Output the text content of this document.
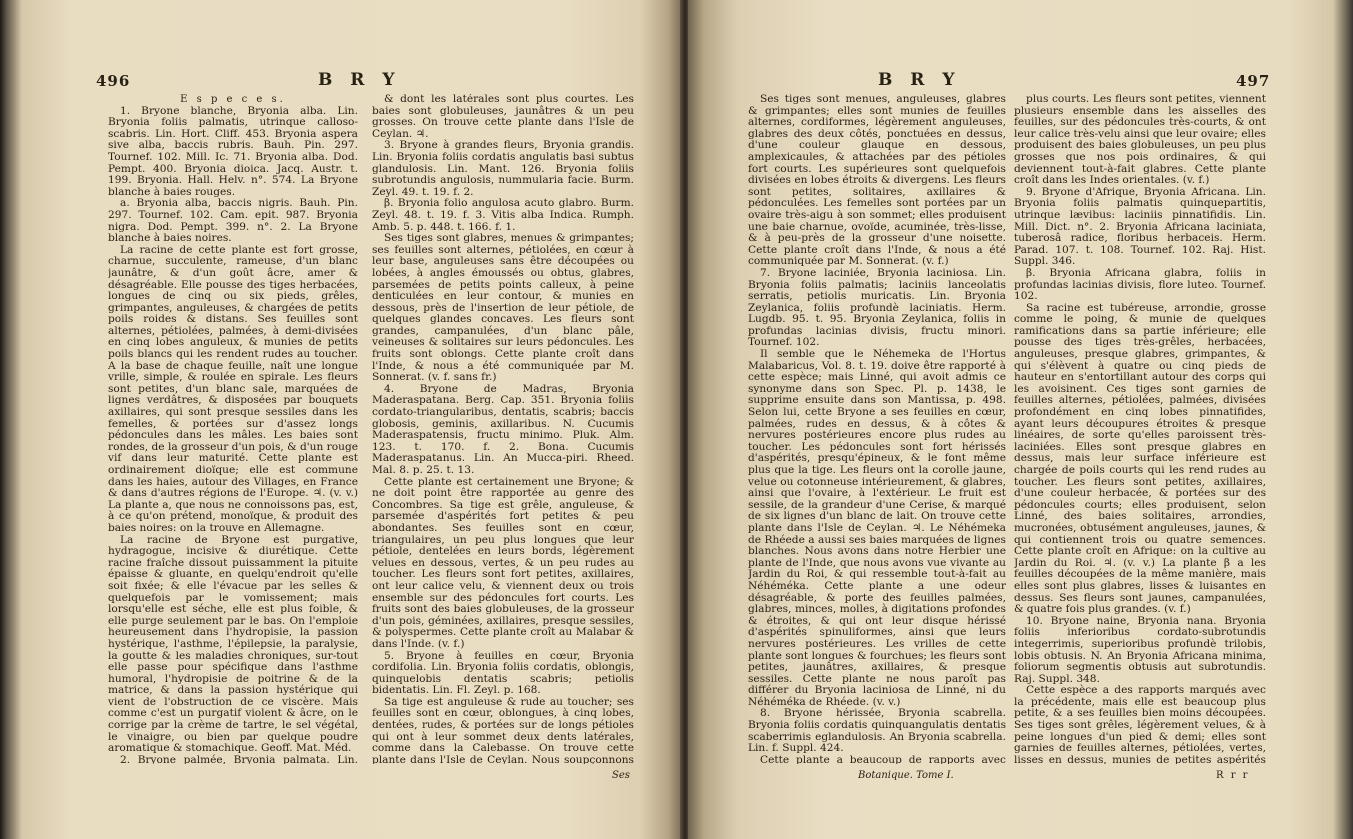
496	B R Y

E s p e c e s.

1. Bryone blanche, Bryonia alba. Lin. Bryonia foliis palmatis, utrinque calloso-scabris. Lin. Hort. Cliff. 453. Bryonia aspera sive alba, baccis rubris. Bauh. Pin. 297. Tournef. 102. Mill. Ic. 71. Bryonia alba. Dod. Pempt. 400. Bryonia dioica. Jacq. Austr. t. 199. Bryonia. Hall. Helv. n°. 574. La Bryone blanche à baies rouges.

a. Bryonia alba, baccis nigris. Bauh. Pin. 297. Tournef. 102. Cam. epit. 987. Bryonia nigra. Dod. Pempt. 399. n°. 2. La Bryone blanche à baies noires.

La racine de cette plante est fort grosse, charnue, succulente, rameuse, d'un blanc jaunâtre, & d'un goût âcre, amer & désagréable. Elle pousse des tiges herbacées, longues de cinq ou six pieds, grêles, grimpantes, anguleuses, & chargées de petits poils roides & distans. Ses feuilles sont alternes, pétiolées, palmées, à demi-divisées en cinq lobes anguleux, & munies de petits poils blancs qui les rendent rudes au toucher. A la base de chaque feuille, naît une longue vrille, simple, & roulée en spirale. Les fleurs sont petites, d'un blanc sale, marquées de lignes verdâtres, & disposées par bouquets axillaires, qui sont presque sessiles dans les femelles, & portées sur d'assez longs pédoncules dans les mâles. Les baies sont rondes, de la grosseur d'un pois, & d'un rouge vif dans leur maturité. Cette plante est ordinairement dioïque; elle est commune dans les haies, autour des Villages, en France & dans d'autres régions de l'Europe. ♃. (v. v.) La plante a, que nous ne connoissons pas, est, à ce qu'on prétend, monoïque, & produit des baies noires: on la trouve en Allemagne.

La racine de Bryone est purgative, hydragogue, incisive & diurétique. Cette racine fraîche dissout puissamment la pituite épaisse & gluante, en quelqu'endroit qu'elle soit fixée; & elle l'évacue par les selles & quelquefois par le vomissement; mais lorsqu'elle est séche, elle est plus foible, & elle purge seulement par le bas. On l'emploie heureusement dans l'hydropisie, la passion hystérique, l'asthme, l'épilepsie, la paralysie, la goutte & les maladies chroniques, sur-tout elle passe pour spécifique dans l'asthme humoral, l'hydropisie de poitrine & de la matrice, & dans la passion hystérique qui vient de l'obstruction de ce viscère. Mais comme c'est un purgatif violent & âcre, on le corrige par la crème de tartre, le sel végétal, le vinaigre, ou bien par quelque poudre aromatique & stomachique. Geoff. Mat. Méd.

2. Bryone palmée, Bryonia palmata. Lin.

& dont les latérales sont plus courtes. Les baies sont globuleuses, jaunâtres & un peu grosses. On trouve cette plante dans l'Isle de Ceylan. ♃.

3. Bryone à grandes fleurs, Bryonia grandis. Lin. Bryonia foliis cordatis angulatis basi subtus glandulosis. Lin. Mant. 126. Bryonia foliis subrotundis angulosis, nummularia facie. Burm. Zeyl. 49. t. 19. f. 2.

β. Bryonia folio angulosa acuto glabro. Burm. Zeyl. 48. t. 19. f. 3. Vitis alba Indica. Rumph. Amb. 5. p. 448. t. 166. f. 1.

Ses tiges sont glabres, menues & grimpantes; ses feuilles sont alternes, pétiolées, en cœur à leur base, anguleuses sans être découpées ou lobées, à angles émoussés ou obtus, glabres, parsemées de petits points calleux, à peine denticulées en leur contour, & munies en dessous, près de l'insertion de leur pétiole, de quelques glandes concaves. Les fleurs sont grandes, campanulées, d'un blanc pâle, veineuses & solitaires sur leurs pédoncules. Les fruits sont oblongs. Cette plante croît dans l'Inde, & nous a été communiquée par M. Sonnerat. (v. f. sans fr.)

4. Bryone de Madras, Bryonia Maderaspatana. Berg. Cap. 351. Bryonia foliis cordato-triangularibus, dentatis, scabris; baccis globosis, geminis, axillaribus. N. Cucumis Maderaspatensis, fructu minimo. Pluk. Alm. 123. t. 170. f. 2. Bona. Cucumis Maderaspatanus. Lin. An Mucca-piri. Rheed. Mal. 8. p. 25. t. 13.

Cette plante est certainement une Bryone; & ne doit point être rapportée au genre des Concombres. Sa tige est grêle, anguleuse, & parsemée d'aspérités fort petites & peu abondantes. Ses feuilles sont en cœur, triangulaires, un peu plus longues que leur pétiole, dentelées en leurs bords, légèrement velues en dessous, vertes, & un peu rudes au toucher. Les fleurs sont fort petites, axillaires, ont leur calice velu, & viennent deux ou trois ensemble sur des pédoncules fort courts. Les fruits sont des baies globuleuses, de la grosseur d'un pois, géminées, axillaires, presque sessiles, & polyspermes. Cette plante croît au Malabar & dans l'Inde. (v. f.)

5. Bryone à feuilles en cœur, Bryonia cordifolia. Lin. Bryonia foliis cordatis, oblongis, quinquelobis dentatis scabris; petiolis bidentatis. Lin. Fl. Zeyl. p. 168.

Sa tige est anguleuse & rude au toucher; ses feuilles sont en cœur, oblongues, à cinq lobes, dentées, rudes, & portées sur de longs pétioles qui ont à leur sommet deux dents latérales, comme dans la Calebasse. On trouve cette plante dans l'Isle de Ceylan. Nous soupçonnons

Ses
B R Y	497

Ses tiges sont menues, anguleuses, glabres & grimpantes; elles sont munies de feuilles alternes, cordiformes, légèrement anguleuses, glabres des deux côtés, ponctuées en dessus, d'une couleur glauque en dessous, amplexicaules, & attachées par des pétioles fort courts. Les supérieures sont quelquefois divisées en lobes étroits & divergens. Les fleurs sont petites, solitaires, axillaires & pédonculées. Les femelles sont portées par un ovaire très-aigu à son sommet; elles produisent une baie charnue, ovoïde, acuminée, très-lisse, & à peu-près de la grosseur d'une noisette. Cette plante croît dans l'Inde, & nous a été communiquée par M. Sonnerat. (v. f.)

7. Bryone laciniée, Bryonia laciniosa. Lin. Bryonia foliis palmatis; laciniis lanceolatis serratis, petiolis muricatis. Lin. Bryonia Zeylanica, foliis profundè laciniatis. Herm. Lugdb. 95. t. 95. Bryonia Zeylanica, foliis in profundas lacinias divisis, fructu minori. Tournef. 102.

Il semble que le Néhemeka de l'Hortus Malabaricus, Vol. 8. t. 19. doive être rapporté à cette espèce; mais Linné, qui avoit admis ce synonyme dans son Spec. Pl. p. 1438, le supprime ensuite dans son Mantissa, p. 498. Selon lui, cette Bryone a ses feuilles en cœur, palmées, rudes en dessus, & à côtes & nervures postérieures encore plus rudes au toucher. Les pédoncules sont fort hérissés d'aspérités, presqu'épineux, & le font même plus que la tige. Les fleurs ont la corolle jaune, velue ou cotonneuse intérieurement, & glabres, ainsi que l'ovaire, à l'extérieur. Le fruit est sessile, de la grandeur d'une Cerise, & marqué de six lignes d'un blanc de lait. On trouve cette plante dans l'Isle de Ceylan. ♃. Le Néhémeka de Rhéede a aussi ses baies marquées de lignes blanches. Nous avons dans notre Herbier une plante de l'Inde, que nous avons vue vivante au Jardin du Roi, & qui ressemble tout-à-fait au Néhéméka. Cette plante a une odeur désagréable, & porte des feuilles palmées, glabres, minces, molles, à digitations profondes & étroites, & qui ont leur disque hérissé d'aspérités spinuliformes, ainsi que leurs nervures postérieures. Les vrilles de cette plante sont longues & fourchues; les fleurs sont petites, jaunâtres, axillaires, & presque sessiles. Cette plante ne nous paroît pas différer du Bryonia laciniosa de Linné, ni du Néhéméka de Rhéede. (v. v.)

8. Bryone hérissée, Bryonia scabrella. Bryonia foliis cordatis quinquangulatis dentatis scaberrimis eglandulosis. An Bryonia scabrella. Lin. f. Suppl. 424.

Cette plante a beaucoup de rapports avec

plus courts. Les fleurs sont petites, viennent plusieurs ensemble dans les aisselles des feuilles, sur des pédoncules très-courts, & ont leur calice très-velu ainsi que leur ovaire; elles produisent des baies globuleuses, un peu plus grosses que nos pois ordinaires, & qui deviennent tout-à-fait glabres. Cette plante croît dans les Indes orientales. (v. f.)

9. Bryone d'Afrique, Bryonia Africana. Lin. Bryonia foliis palmatis quinquepartitis, utrinque lævibus: laciniis pinnatifidis. Lin. Mill. Dict. n°. 2. Bryonia Africana laciniata, tuberosâ radice, floribus herbaceis. Herm. Parad. 107. t. 108. Tournef. 102. Raj. Hist. Suppl. 346.

β. Bryonia Africana glabra, foliis in profundas lacinias divisis, flore luteo. Tournef. 102.

Sa racine est tubéreuse, arrondie, grosse comme le poing, & munie de quelques ramifications dans sa partie inférieure; elle pousse des tiges très-grêles, herbacées, anguleuses, presque glabres, grimpantes, & qui s'élèvent à quatre ou cinq pieds de hauteur en s'entortillant autour des corps qui les avoisinent. Ces tiges sont garnies de feuilles alternes, pétiolées, palmées, divisées profondément en cinq lobes pinnatifides, ayant leurs découpures étroites & presque linéaires, de sorte qu'elles paroissent très-laciniées. Elles sont presque glabres en dessus, mais leur surface inférieure est chargée de poils courts qui les rend rudes au toucher. Les fleurs sont petites, axillaires, d'une couleur herbacée, & portées sur des pédoncules courts; elles produisent, selon Linné, des baies solitaires, arrondies, mucronées, obtusément anguleuses, jaunes, & qui contiennent trois ou quatre semences. Cette plante croît en Afrique: on la cultive au Jardin du Roi. ♃. (v. v.) La plante β a les feuilles découpées de la même manière, mais elles sont plus glabres, lisses & luisantes en dessus. Ses fleurs sont jaunes, campanulées, & quatre fois plus grandes. (v. f.)

10. Bryone naine, Bryonia nana. Bryonia foliis inferioribus cordato-subrotundis integerrimis, superioribus profundè trilobis, lobis obtusis. N. An Bryonia Africana minima, foliorum segmentis obtusis aut subrotundis. Raj. Suppl. 348.

Cette espèce a des rapports marqués avec la précédente, mais elle est beaucoup plus petite, & a ses feuilles bien moins découpées. Ses tiges sont grêles, légèrement velues, & à peine longues d'un pied & demi; elles sont garnies de feuilles alternes, pétiolées, vertes, lisses en dessus, munies de petites aspérités

Botanique. Tome I.	R r r
